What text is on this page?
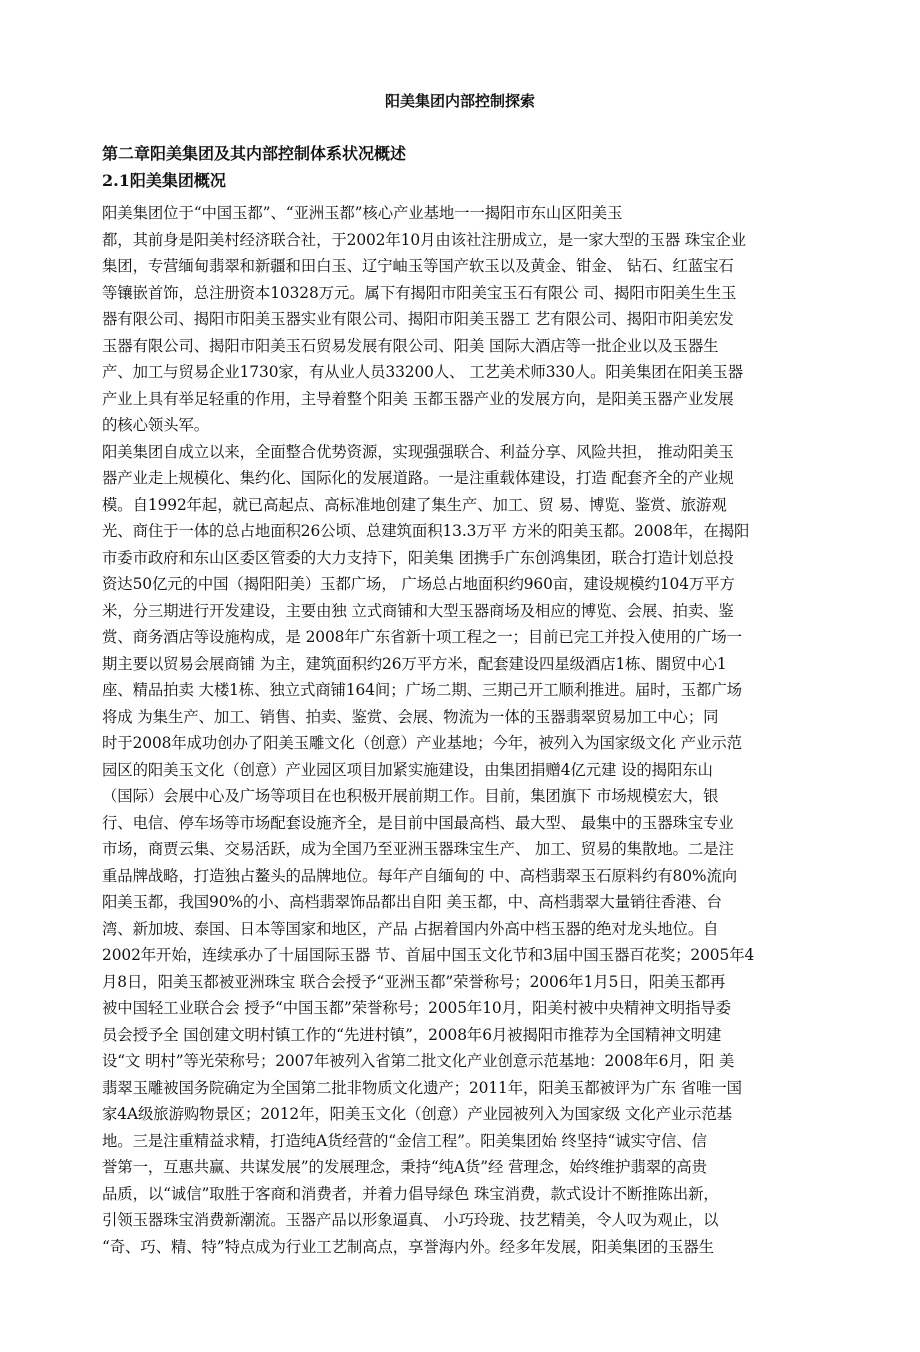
阳美集团内部控制探索
第二章阳美集团及其内部控制体系状况概述
2.1阳美集团概况
阳美集团位于“中国玉都”、“亚洲玉都”核心产业基地一一揭阳市东山区阳美玉
都，其前身是阳美村经济联合社，于2002年10月由该社注册成立，是一家大型的玉器 珠宝企业
集团，专营缅甸翡翠和新疆和田白玉、辽宁岫玉等国产软玉以及黄金、钳金、 钻石、红蓝宝石
等镶嵌首饰，总注册资本10328万元。属下有揭阳市阳美宝玉石有限公 司、揭阳市阳美生生玉
器有限公司、揭阳市阳美玉器实业有限公司、揭阳市阳美玉器工 艺有限公司、揭阳市阳美宏发
玉器有限公司、揭阳市阳美玉石贸易发展有限公司、阳美 国际大酒店等一批企业以及玉器生
产、加工与贸易企业1730家，有从业人员33200人、 工艺美术师330人。阳美集团在阳美玉器
产业上具有举足轻重的作用，主导着整个阳美 玉都玉器产业的发展方向，是阳美玉器产业发展
的核心领头军。
阳美集团自成立以来，全面整合优势资源，实现强强联合、利益分享、风险共担， 推动阳美玉
器产业走上规模化、集约化、国际化的发展道路。一是注重载体建设，打造 配套齐全的产业规
模。自1992年起，就已高起点、高标准地创建了集生产、加工、贸 易、博览、鉴赏、旅游观
光、商住于一体的总占地面积26公顷、总建筑面积13.3万平 方米的阳美玉都。2008年，在揭阳
市委市政府和东山区委区管委的大力支持下，阳美集 团携手广东创鸿集团，联合打造计划总投
资达50亿元的中国（揭阳阳美）玉都广场， 广场总占地面积约960亩，建设规模约104万平方
米，分三期进行开发建设，主要由独 立式商铺和大型玉器商场及相应的博览、会展、拍卖、鉴
赏、商务酒店等设施构成，是 2008年广东省新十项工程之一；目前已完工并投入使用的广场一
期主要以贸易会展商铺 为主，建筑面积约26万平方米，配套建设四星级酒店1栋、閤贸中心1
座、精品拍卖 大楼1栋、独立式商铺164间；广场二期、三期己开工顺利推进。届时，玉都广场
将成 为集生产、加工、销售、拍卖、鉴赏、会展、物流为一体的玉器翡翠贸易加工中心；同
时于2008年成功创办了阳美玉雕文化（创意）产业基地；今年，被列入为国家级文化 产业示范
园区的阳美玉文化（创意）产业园区项目加紧实施建设，由集团捐赠4亿元建 设的揭阳东山
（国际）会展中心及广场等项目在也积极开展前期工作。目前，集团旗下 市场规模宏大，银
行、电信、停车场等市场配套设施齐全，是目前中国最高档、最大型、 最集中的玉器珠宝专业
市场，商贾云集、交易活跃，成为全国乃至亚洲玉器珠宝生产、 加工、贸易的集散地。二是注
重品牌战略，打造独占鳌头的品牌地位。每年产自缅甸的 中、高档翡翠玉石原料约有80%流向
阳美玉都，我国90%的小、高档翡翠饰品都出自阳 美玉都，中、高档翡翠大量销往香港、台
湾、新加坡、泰国、日本等国家和地区，产品 占据着国内外高中档玉器的绝对龙头地位。自
2002年开始，连续承办了十届国际玉器 节、首届中国玉文化节和3届中国玉器百花奖；2005年4
月8日，阳美玉都被亚洲珠宝 联合会授予“亚洲玉都”荣誉称号；2006年1月5日，阳美玉都再
被中国轻工业联合会 授予“中国玉都”荣誉称号；2005年10月，阳美村被中央精神文明指导委
员会授予全 国创建文明村镇工作的“先进村镇”，2008年6月被揭阳市推荐为全国精神文明建
设“文 明村”等光荣称号；2007年被列入省第二批文化产业创意示范基地：2008年6月，阳 美
翡翠玉雕被国务院确定为全国第二批非物质文化遗产；2011年，阳美玉都被评为广东 省唯一国
家4A级旅游购物景区；2012年，阳美玉文化（创意）产业园被列入为国家级 文化产业示范基
地。三是注重精益求精，打造纯A货经营的“金信工程”。阳美集团始 终坚持“诚实守信、信
誉第一，互惠共赢、共谋发展”的发展理念，秉持“纯A货”经 营理念，始终维护翡翠的高贵
品质，以“诚信”取胜于客商和消费者，并着力倡导绿色 珠宝消费，款式设计不断推陈出新，
引领玉器珠宝消费新潮流。玉器产品以形象逼真、 小巧玲珑、技艺精美，令人叹为观止，以
“奇、巧、精、特”特点成为行业工艺制高点，享誉海内外。经多年发展，阳美集团的玉器生
